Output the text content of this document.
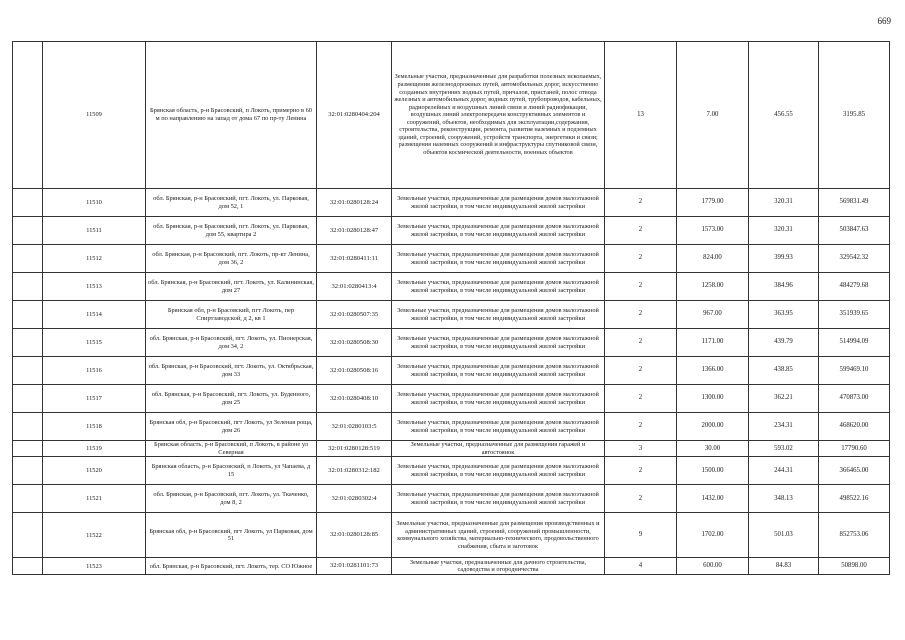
669
	11509	Брянская область, р-н Брасовский, п Локоть, примерно в 60 м по направлению на запад от дома 67 по пр-ту Ленина	32:01:0280404:204	Земельные участки, предназначенные для разработки полезных ископаемых, размещения железнодорожных путей, автомобильных дорог, искусственно созданных внутренних водных путей, причалов, пристаней, полос отвода железных и автомобильных дорог, водных путей, трубопроводов, кабельных, радиорелейных и воздушных линий связи и линий радиофикации, воздушных линий электропередачи конструктивных элементов и сооружений, объектов, необходимых для эксплуатации,содержания, строительства, реконструкции, ремонта, развития наземных и подземных зданий, строений, сооружений, устройств транспорта, энергетики и связи; размещения наземных сооружений и инфраструктуры спутниковой связи, объектов космической деятельности, военных объектов	13	7.00	456.55	3195.85
	11510	обл. Брянская, р-н Брасовский, пгт. Локоть, ул. Парковая, дом 52, 1	32:01:0280128:24	Земельные участки, предназначенные для размещения домов малоэтажной жилой застройки, в том числе индивидуальной жилой застройки	2	1779.00	320.31	569831.49
	11511	обл. Брянская, р-н Брасовский, пгт. Локоть, ул. Парковая, дом 55, квартира 2	32:01:0280128:47	Земельные участки, предназначенные для размещения домов малоэтажной жилой застройки, в том числе индивидуальной жилой застройки	2	1573.00	320.31	503847.63
	11512	обл. Брянская, р-н Брасовский, пгт. Локоть, пр-кт Ленина, дом 36, 2	32:01:0280411:11	Земельные участки, предназначенные для размещения домов малоэтажной жилой застройки, в том числе индивидуальной жилой застройки	2	824.00	399.93	329542.32
	11513	обл. Брянская, р-н Брасовский, пгт. Локоть, ул. Калининская, дом 27	32:01:0280413:4	Земельные участки, предназначенные для размещения домов малоэтажной жилой застройки, в том числе индивидуальной жилой застройки	2	1258.00	384.96	484279.68
	11514	Брянская обл, р-н Брасовский, пгт Локоть, пер Спиртзаводской, д 2, кв 1	32:01:0280507:35	Земельные участки, предназначенные для размещения домов малоэтажной жилой застройки, в том числе индивидуальной жилой застройки	2	967.00	363.95	351939.65
	11515	обл. Брянская, р-н Брасовский, пгт. Локоть, ул. Пионерская, дом 34, 2	32:01:0280508:30	Земельные участки, предназначенные для размещения домов малоэтажной жилой застройки, в том числе индивидуальной жилой застройки	2	1171.00	439.79	514994.09
	11516	обл. Брянская, р-н Брасовский, пгт. Локоть, ул. Октябрьская, дом 33	32:01:0280508:16	Земельные участки, предназначенные для размещения домов малоэтажной жилой застройки, в том числе индивидуальной жилой застройки	2	1366.00	438.85	599469.10
	11517	обл. Брянская, р-н Брасовский, пгт. Локоть, ул. Буденного, дом 25	32:01:0280408:10	Земельные участки, предназначенные для размещения домов малоэтажной жилой застройки, в том числе индивидуальной жилой застройки	2	1300.00	362.21	470873.00
	11518	Брянская обл, р-н Брасовский, пгт Локоть, ул Зеленая роща, дом 26	32:01:0280103:5	Земельные участки, предназначенные для размещения домов малоэтажной жилой застройки, в том числе индивидуальной жилой застройки	2	2000.00	234.31	468620.00
	11519	Брянская область, р-н Брасовский, п Локоть, в районе ул Северная	32:01:0280128:519	Земельные участки, предназначенные для размещения гаражей и автостоянок	3	30.00	593.02	17790.60
	11520	Брянская область, р-н Брасовский, п Локоть, ул Чапаева, д 15	32:01:0280312:182	Земельные участки, предназначенные для размещения домов малоэтажной жилой застройки, в том числе индивидуальной жилой застройки	2	1500.00	244.31	366465.00
	11521	обл. Брянская, р-н Брасовский, пгт. Локоть, ул. Ткаченко, дом 8, 2	32:01:0280302:4	Земельные участки, предназначенные для размещения домов малоэтажной жилой застройки, в том числе индивидуальной жилой застройки	2	1432.00	348.13	498522.16
	11522	Брянская обл, р-н Брасовский, пгт Локоть, ул Парковая, дом 51	32:01:0280128:85	Земельные участки, предназначенные для размещения производственных и административных зданий, строений, сооружений промышленности, коммунального хозяйства, материально-технического, продовольственного снабжения, сбыта и заготовок	9	1702.00	501.03	852753.06
	11523	обл. Брянская, р-н Брасовский, пгт. Локоть, тер. СО Южное	32:01:0281101:73	Земельные участки, предназначенные для дачного строительства, садоводства и огородничества	4	600.00	84.83	50898.00
